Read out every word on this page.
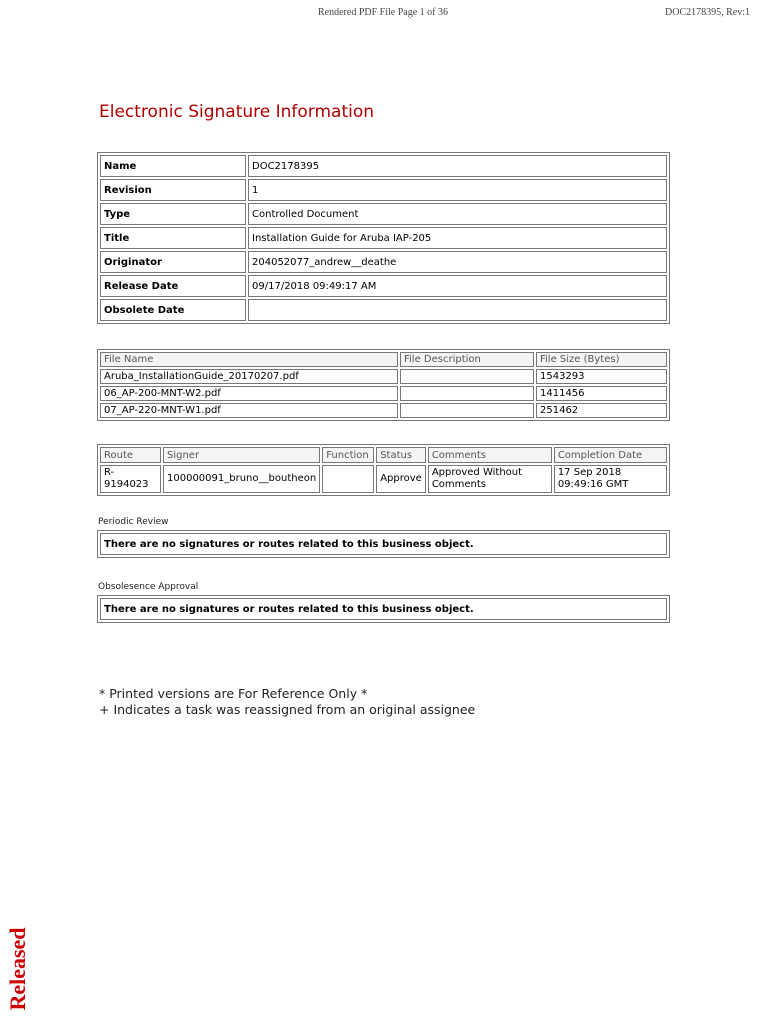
Rendered PDF File Page 1 of 36	DOC2178395, Rev:1
Electronic Signature Information
Name	DOC2178395
Revision	1
Type	Controlled Document
Title	Installation Guide for Aruba IAP-205
Originator	204052077_andrew__deathe
Release Date	09/17/2018 09:49:17 AM
Obsolete Date	
File Name	File Description	File Size (Bytes)
Aruba_InstallationGuide_20170207.pdf		1543293
06_AP-200-MNT-W2.pdf		1411456
07_AP-220-MNT-W1.pdf		251462
Route	Signer	Function	Status	Comments	Completion Date
R-9194023	100000091_bruno__boutheon		Approve	Approved Without Comments	17 Sep 2018 09:49:16 GMT
Periodic Review
There are no signatures or routes related to this business object.
Obsolesence Approval
There are no signatures or routes related to this business object.
* Printed versions are For Reference Only *
+ Indicates a task was reassigned from an original assignee
Released
